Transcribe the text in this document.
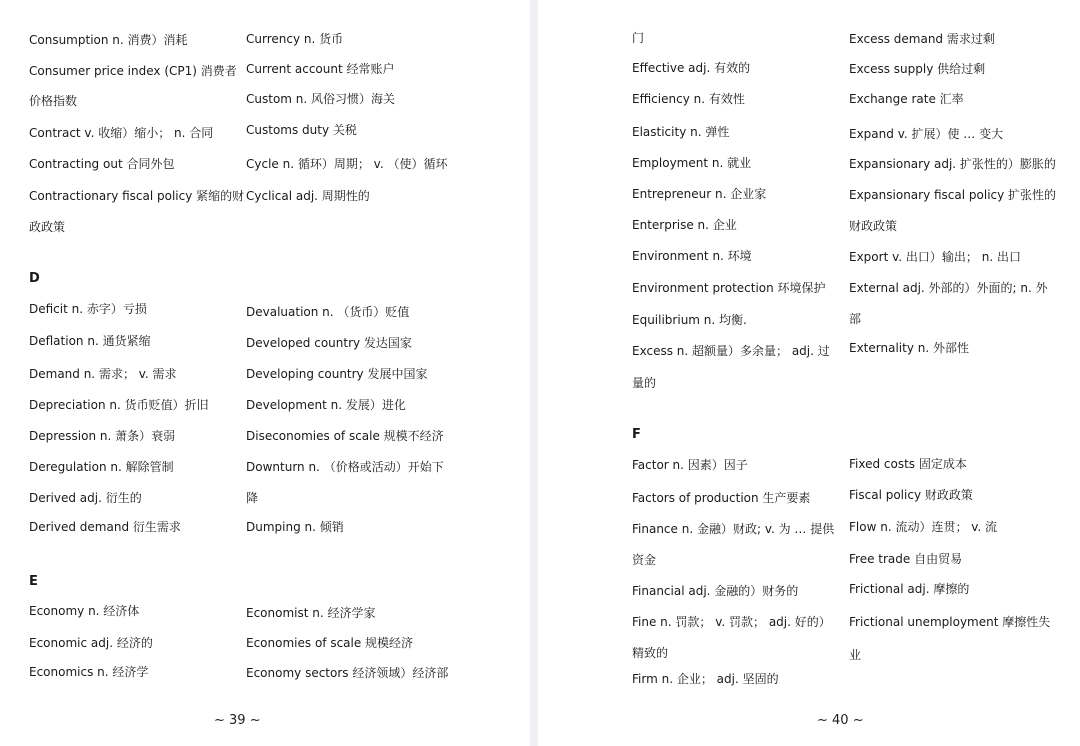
Consumption n. 消费）消耗
Consumer price index (CP1) 消费者
价格指数
Contract v. 收缩）缩小； n. 合同
Contracting out 合同外包
Contractionary fiscal policy 紧缩的财
政政策
Currency n. 货币
Current account 经常账户
Custom n. 风俗习惯）海关
Customs duty 关税
Cycle n. 循环）周期； v. （使）循环
Cyclical adj. 周期性的
D
Deficit n. 赤字）亏损
Deflation n. 通货紧缩
Demand n. 需求； v. 需求
Depreciation n. 货币贬值）折旧
Depression n. 萧条）衰弱
Deregulation n. 解除管制
Derived adj. 衍生的
Derived demand 衍生需求
Devaluation n. （货币）贬值
Developed country 发达国家
Developing country 发展中国家
Development n. 发展）进化
Diseconomies of scale 规模不经济
Downturn n. （价格或活动）开始下
降
Dumping n. 倾销
E
Economy n. 经济体
Economic adj. 经济的
Economics n. 经济学
Economist n. 经济学家
Economies of scale 规模经济
Economy sectors 经济领域）经济部
~ 39 ~
门
Effective adj. 有效的
Efficiency n. 有效性
Elasticity n. 弹性
Employment n. 就业
Entrepreneur n. 企业家
Enterprise n. 企业
Environment n. 环境
Environment protection 环境保护
Equilibrium n. 均衡.
Excess n. 超额量）多余量； adj. 过
量的
Excess demand 需求过剩
Excess supply 供给过剩
Exchange rate 汇率
Expand v. 扩展）使 … 变大
Expansionary adj. 扩张性的）膨胀的
Expansionary fiscal policy 扩张性的
财政政策
Export v. 出口）输出； n. 出口
External adj. 外部的）外面的; n. 外
部
Externality n. 外部性
F
Factor n. 因素）因子
Factors of production 生产要素
Finance n. 金融）财政; v. 为 … 提供
资金
Financial adj. 金融的）财务的
Fine n. 罚款； v. 罚款； adj. 好的）
精致的
Firm n. 企业； adj. 坚固的
Fixed costs 固定成本
Fiscal policy 财政政策
Flow n. 流动）连贯； v. 流
Free trade 自由贸易
Frictional adj. 摩擦的
Frictional unemployment 摩擦性失
业
~ 40 ~
